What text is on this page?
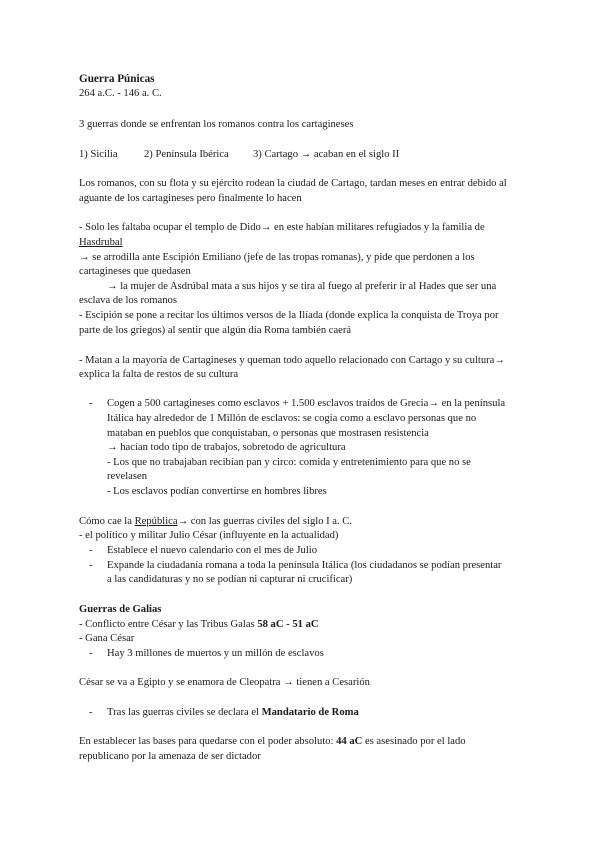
Guerra Púnicas
264 a.C. - 146 a. C.
3 guerras donde se enfrentan los romanos contra los cartagineses
1) Sicilia 2) Península Ibérica 3) Cartago → acaban en el siglo II
Los romanos, con su flota y su ejército rodean la ciudad de Cartago, tardan meses en entrar debido al
aguante de los cartagineses pero finalmente lo hacen
- Solo les faltaba ocupar el templo de Dido→ en este habían militares refugiados y la familia de
Hasdrubal
→ se arrodilla ante Escipión Emiliano (jefe de las tropas romanas), y pide que perdonen a los
cartagineses que quedasen
→ la mujer de Asdrúbal mata a sus hijos y se tira al fuego al preferir ir al Hades que ser una
esclava de los romanos
- Escipión se pone a recitar los últimos versos de la Ilíada (donde explica la conquista de Troya por
parte de los griegos) al sentir que algún día Roma también caerá
- Matan a la mayoría de Cartagineses y queman todo aquello relacionado con Cartago y su cultura→
explica la falta de restos de su cultura
- Cogen a 500 cartagineses como esclavos + 1.500 esclavos traídos de Grecia→ en la península
Itálica hay alrededor de 1 Millón de esclavos: se cogía como a esclavo personas que no
mataban en pueblos que conquistaban, o personas que mostrasen resistencia
→ hacían todo tipo de trabajos, sobretodo de agricultura
- Los que no trabajaban recibían pan y circo: comida y entretenimiento para que no se
revelasen
- Los esclavos podían convertirse en hombres libres
Cómo cae la República→ con las guerras civiles del siglo I a. C.
- el político y militar Julio César (influyente en la actualidad)
- Establece el nuevo calendario con el mes de Julio
- Expande la ciudadanía romana a toda la península Itálica (los ciudadanos se podían presentar
a las candidaturas y no se podían ni capturar ni crucificar)
Guerras de Galias
- Conflicto entre César y las Tribus Galas 58 aC - 51 aC
- Gana César
- Hay 3 millones de muertos y un millón de esclavos
César se va a Egipto y se enamora de Cleopatra → tienen a Cesarión
- Tras las guerras civiles se declara el Mandatario de Roma
En establecer las bases para quedarse con el poder absoluto: 44 aC es asesinado por el lado
republicano por la amenaza de ser dictador
